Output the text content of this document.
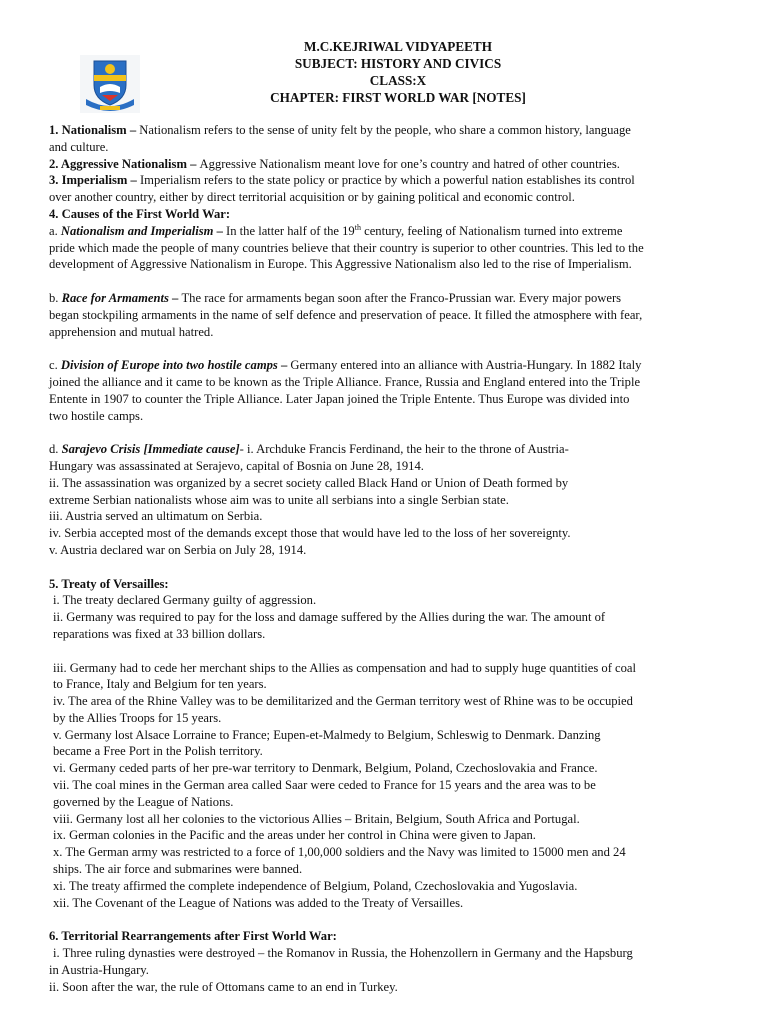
M.C.KEJRIWAL VIDYAPEETH
SUBJECT: HISTORY AND CIVICS
CLASS:X
CHAPTER: FIRST WORLD WAR [NOTES]
1. Nationalism – Nationalism refers to the sense of unity felt by the people, who share a common history, language
and culture.
2. Aggressive Nationalism – Aggressive Nationalism meant love for one’s country and hatred of other countries.
3. Imperialism – Imperialism refers to the state policy or practice by which a powerful nation establishes its control
over another country, either by direct territorial acquisition or by gaining political and economic control.
4. Causes of the First World War:
a. Nationalism and Imperialism – In the latter half of the 19th century, feeling of Nationalism turned into extreme
pride which made the people of many countries believe that their country is superior to other countries. This led to the
development of Aggressive Nationalism in Europe. This Aggressive Nationalism also led to the rise of Imperialism.
b. Race for Armaments – The race for armaments began soon after the Franco-Prussian war. Every major powers
began stockpiling armaments in the name of self defence and preservation of peace. It filled the atmosphere with fear,
apprehension and mutual hatred.
c. Division of Europe into two hostile camps – Germany entered into an alliance with Austria-Hungary. In 1882 Italy
joined the alliance and it came to be known as the Triple Alliance. France, Russia and England entered into the Triple
Entente in 1907 to counter the Triple Alliance. Later Japan joined the Triple Entente. Thus Europe was divided into
two hostile camps.
d. Sarajevo Crisis [Immediate cause]- i. Archduke Francis Ferdinand, the heir to the throne of Austria-
Hungary was assassinated at Serajevo, capital of Bosnia on June 28, 1914.
ii. The assassination was organized by a secret society called Black Hand or Union of Death formed by
extreme Serbian nationalists whose aim was to unite all serbians into a single Serbian state.
iii. Austria served an ultimatum on Serbia.
iv. Serbia accepted most of the demands except those that would have led to the loss of her sovereignty.
v. Austria declared war on Serbia on July 28, 1914.
5. Treaty of Versailles:
i. The treaty declared Germany guilty of aggression.
ii. Germany was required to pay for the loss and damage suffered by the Allies during the war. The amount of
reparations was fixed at 33 billion dollars.
iii. Germany had to cede her merchant ships to the Allies as compensation and had to supply huge quantities of coal
to France, Italy and Belgium for ten years.
iv. The area of the Rhine Valley was to be demilitarized and the German territory west of Rhine was to be occupied
by the Allies Troops for 15 years.
v. Germany lost Alsace Lorraine to France; Eupen-et-Malmedy to Belgium, Schleswig to Denmark. Danzing
became a Free Port in the Polish territory.
vi. Germany ceded parts of her pre-war territory to Denmark, Belgium, Poland, Czechoslovakia and France.
vii. The coal mines in the German area called Saar were ceded to France for 15 years and the area was to be
governed by the League of Nations.
viii. Germany lost all her colonies to the victorious Allies – Britain, Belgium, South Africa and Portugal.
ix. German colonies in the Pacific and the areas under her control in China were given to Japan.
x. The German army was restricted to a force of 1,00,000 soldiers and the Navy was limited to 15000 men and 24
ships. The air force and submarines were banned.
xi. The treaty affirmed the complete independence of Belgium, Poland, Czechoslovakia and Yugoslavia.
xii. The Covenant of the League of Nations was added to the Treaty of Versailles.
6. Territorial Rearrangements after First World War:
i. Three ruling dynasties were destroyed – the Romanov in Russia, the Hohenzollern in Germany and the Hapsburg
in Austria-Hungary.
ii. Soon after the war, the rule of Ottomans came to an end in Turkey.
